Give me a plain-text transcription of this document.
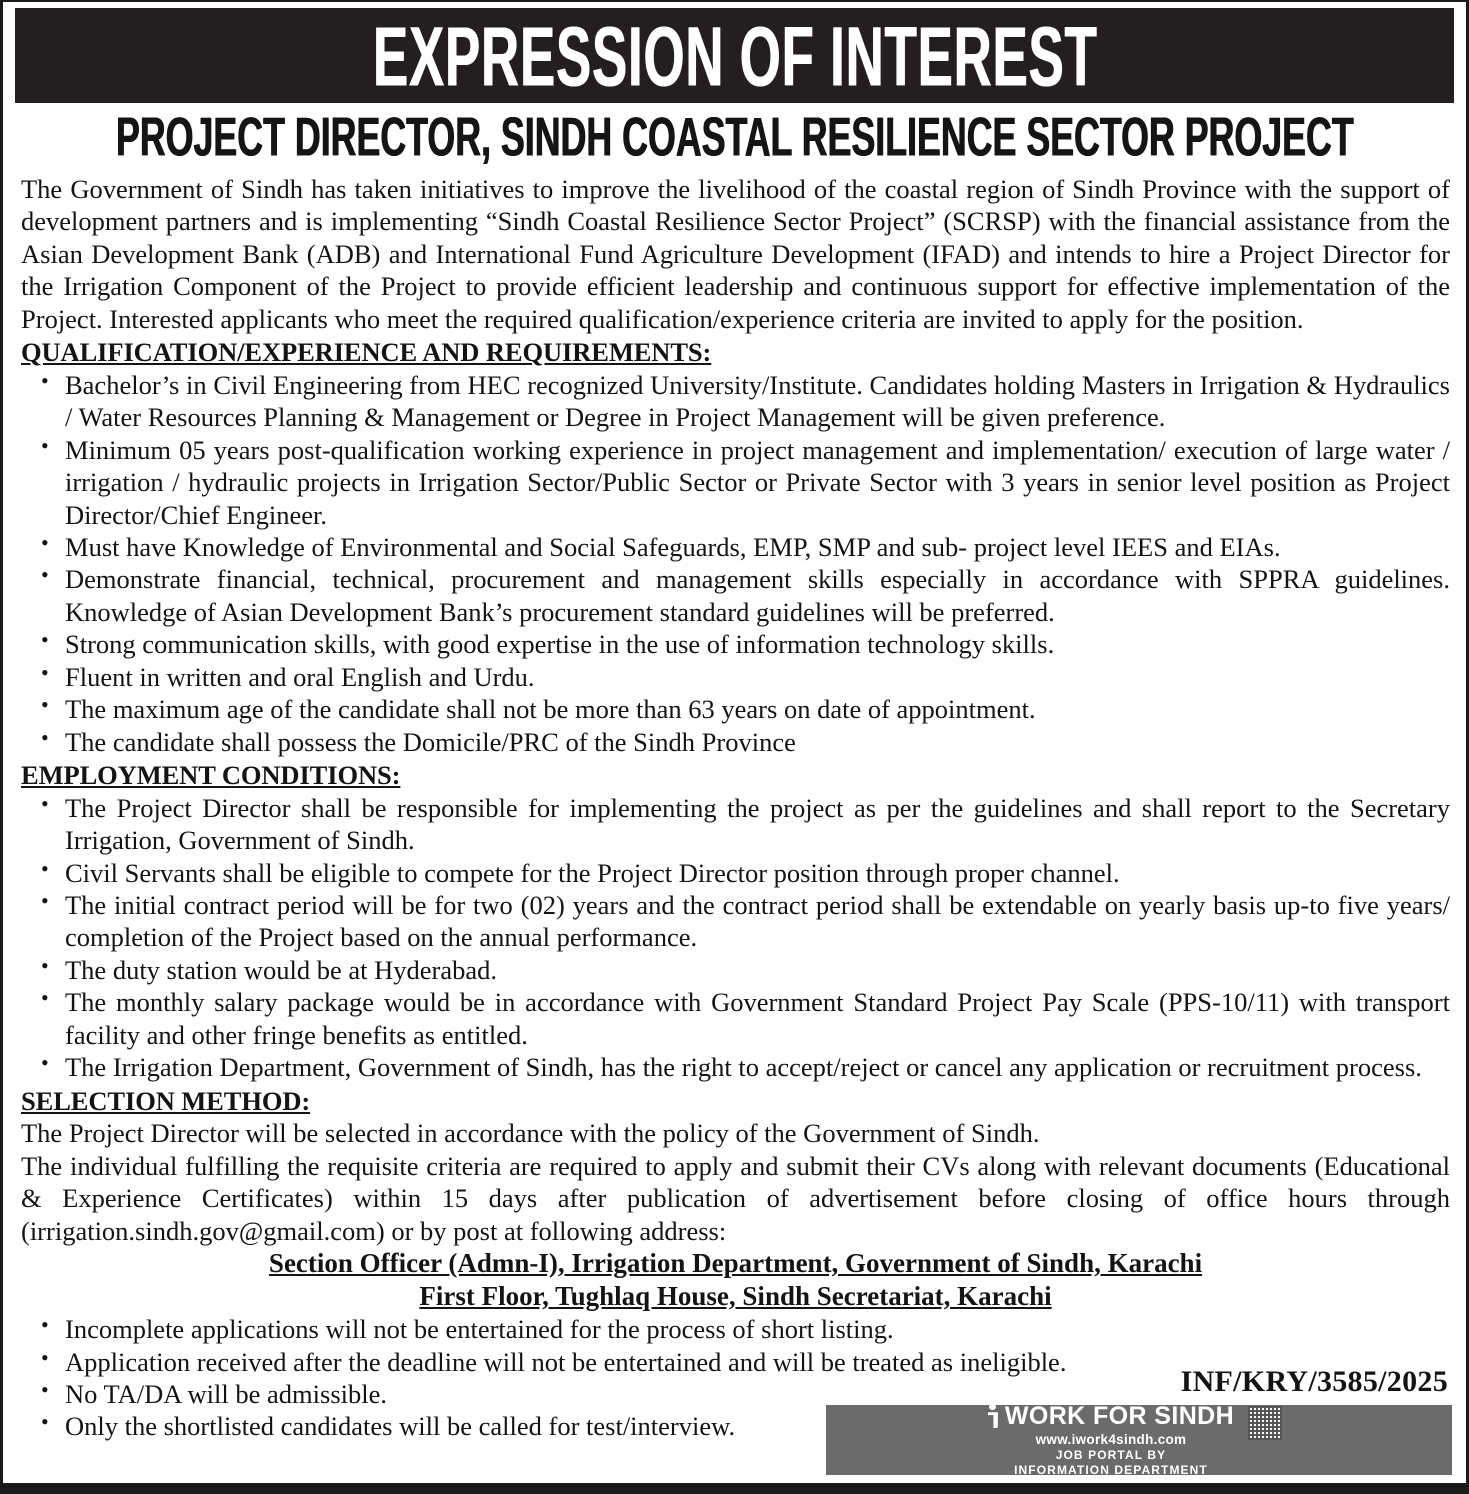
EXPRESSION OF INTEREST
PROJECT DIRECTOR, SINDH COASTAL RESILIENCE SECTOR PROJECT

The Government of Sindh has taken initiatives to improve the livelihood of the coastal region of Sindh Province with the support of development partners and is implementing “Sindh Coastal Resilience Sector Project” (SCRSP) with the financial assistance from the Asian Development Bank (ADB) and International Fund Agriculture Development (IFAD) and intends to hire a Project Director for the Irrigation Component of the Project to provide efficient leadership and continuous support for effective implementation of the Project. Interested applicants who meet the required qualification/experience criteria are invited to apply for the position.

QUALIFICATION/EXPERIENCE AND REQUIREMENTS:
• Bachelor’s in Civil Engineering from HEC recognized University/Institute. Candidates holding Masters in Irrigation & Hydraulics / Water Resources Planning & Management or Degree in Project Management will be given preference.
• Minimum 05 years post-qualification working experience in project management and implementation/ execution of large water / irrigation / hydraulic projects in Irrigation Sector/Public Sector or Private Sector with 3 years in senior level position as Project Director/Chief Engineer.
• Must have Knowledge of Environmental and Social Safeguards, EMP, SMP and sub- project level IEES and EIAs.
• Demonstrate financial, technical, procurement and management skills especially in accordance with SPPRA guidelines. Knowledge of Asian Development Bank’s procurement standard guidelines will be preferred.
• Strong communication skills, with good expertise in the use of information technology skills.
• Fluent in written and oral English and Urdu.
• The maximum age of the candidate shall not be more than 63 years on date of appointment.
• The candidate shall possess the Domicile/PRC of the Sindh Province
EMPLOYMENT CONDITIONS:
• The Project Director shall be responsible for implementing the project as per the guidelines and shall report to the Secretary Irrigation, Government of Sindh.
• Civil Servants shall be eligible to compete for the Project Director position through proper channel.
• The initial contract period will be for two (02) years and the contract period shall be extendable on yearly basis up-to five years/ completion of the Project based on the annual performance.
• The duty station would be at Hyderabad.
• The monthly salary package would be in accordance with Government Standard Project Pay Scale (PPS-10/11) with transport facility and other fringe benefits as entitled.
• The Irrigation Department, Government of Sindh, has the right to accept/reject or cancel any application or recruitment process.
SELECTION METHOD:

The Project Director will be selected in accordance with the policy of the Government of Sindh.

The individual fulfilling the requisite criteria are required to apply and submit their CVs along with relevant documents (Educational & Experience Certificates) within 15 days after publication of advertisement before closing of office hours through (irrigation.sindh.gov@gmail.com) or by post at following address:

Section Officer (Admn-I), Irrigation Department, Government of Sindh, Karachi

First Floor, Tughlaq House, Sindh Secretariat, Karachi

• Incomplete applications will not be entertained for the process of short listing.
• Application received after the deadline will not be entertained and will be treated as ineligible.
• No TA/DA will be admissible.
• Only the shortlisted candidates will be called for test/interview.
INF/KRY/3585/2025
WORK FOR SINDH
www.iwork4sindh.com
JOB PORTAL BY
INFORMATION DEPARTMENT
